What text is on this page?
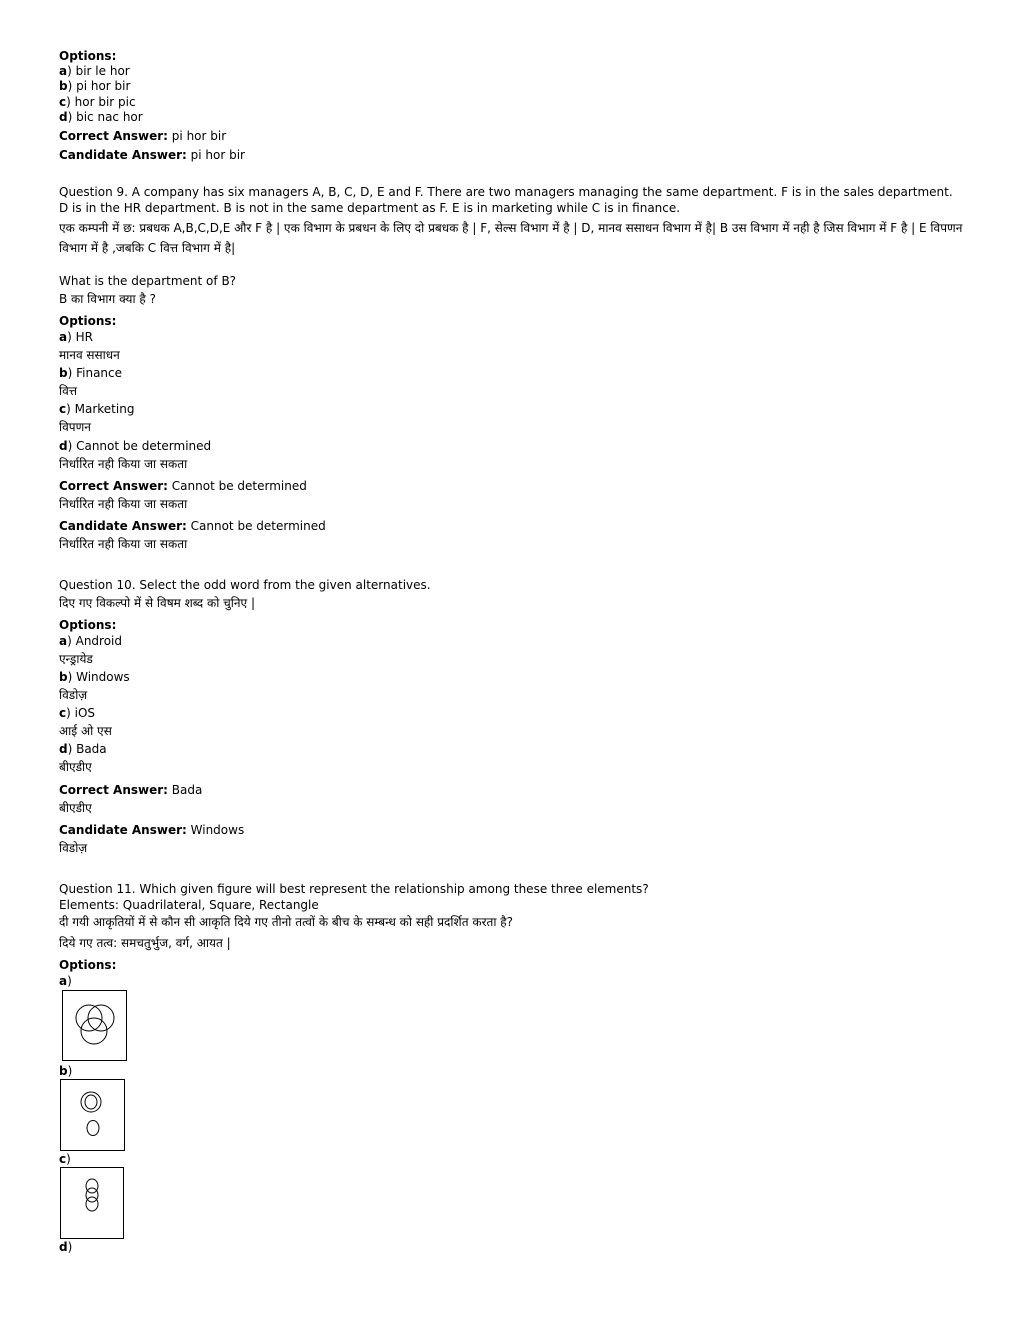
Options:
a) bir le hor
b) pi hor bir
c) hor bir pic
d) bic nac hor
Correct Answer: pi hor bir
Candidate Answer: pi hor bir
Question 9. A company has six managers A, B, C, D, E and F. There are two managers managing the same department. F is in the sales department. D is in the HR department. B is not in the same department as F. E is in marketing while C is in finance.
एक कम्पनी में छ: प्रबधक A,B,C,D,E और F है | एक विभाग के प्रबधन के लिए दो प्रबधक है | F, सेल्स विभाग में है | D, मानव ससाधन विभाग में है| B उस विभाग में नही है जिस विभाग में F है | E विपणन विभाग में है ,जबकि C वित्त विभाग में है|
What is the department of B?
B का विभाग क्या है ?
Options:
a) HR
मानव ससाधन
b) Finance
वित्त
c) Marketing
विपणन
d) Cannot be determined
निर्धारित नही किया जा सकता
Correct Answer: Cannot be determined
निर्धारित नही किया जा सकता
Candidate Answer: Cannot be determined
निर्धारित नही किया जा सकता
Question 10. Select the odd word from the given alternatives.
दिए गए विकल्पो में से विषम शब्द को चुनिए |
Options:
a) Android
एन्ड्रायेड
b) Windows
विडोज़
c) iOS
आई ओ एस
d) Bada
बीएडीए
Correct Answer: Bada
बीएडीए
Candidate Answer: Windows
विडोज़
Question 11. Which given figure will best represent the relationship among these three elements?
Elements: Quadrilateral, Square, Rectangle
दी गयी आकृतियों में से कौन सी आकृति दिये गए तीनो तत्वों के बीच के सम्बन्ध को सही प्रदर्शित करता है?
दिये गए तत्व: समचतुर्भुज, वर्ग, आयत |
Options:
a)
b)
c)
d)
